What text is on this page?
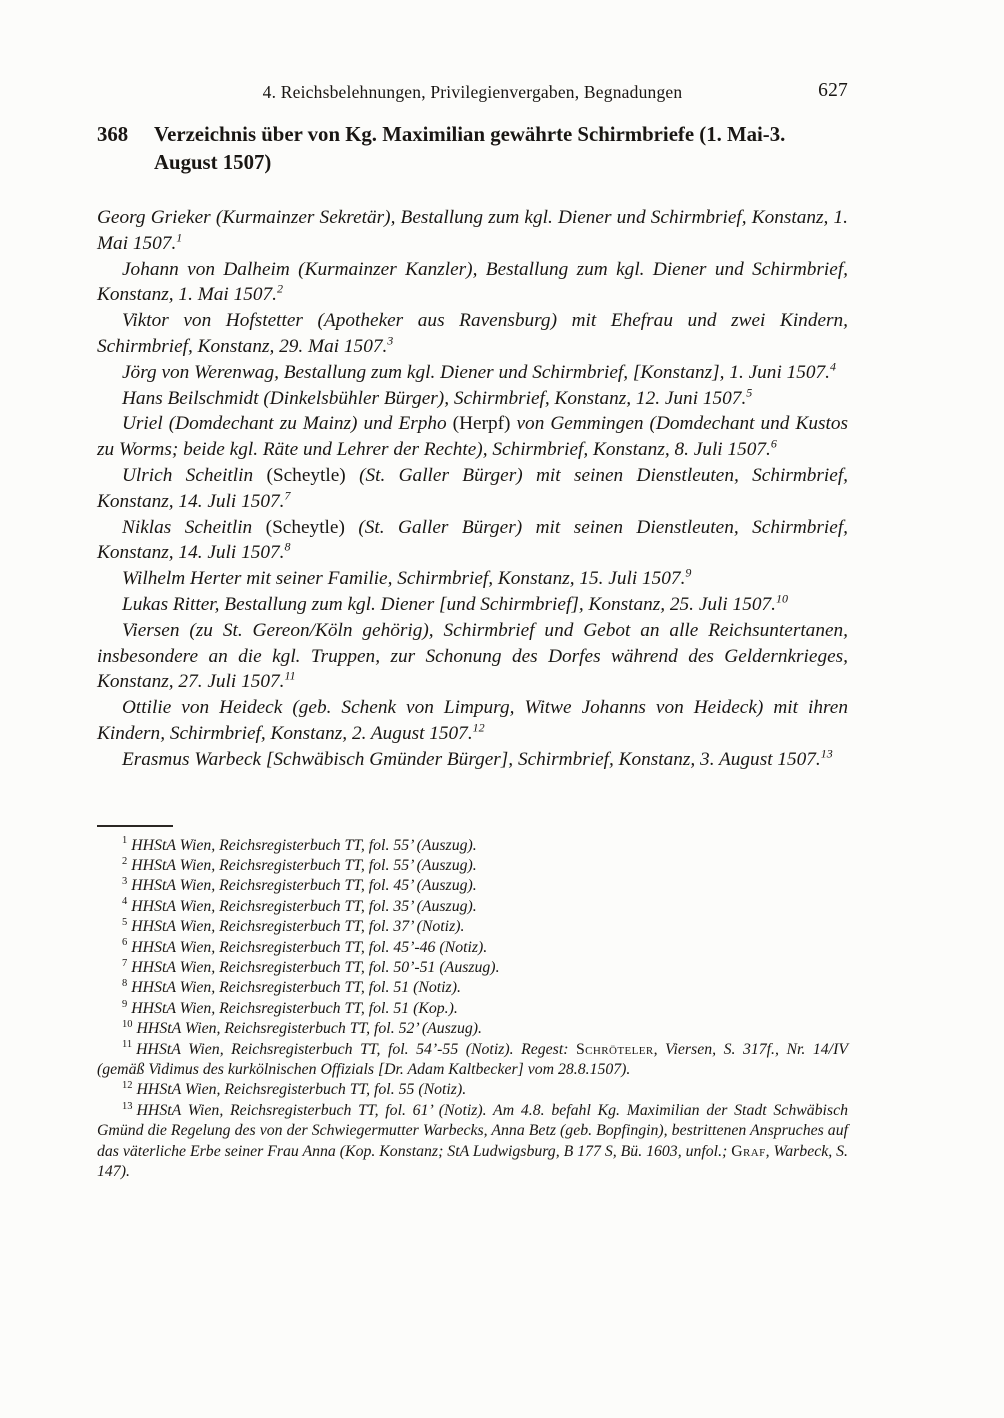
4. Reichsbelehnungen, Privilegienvergaben, Begnadungen	627
368	Verzeichnis über von Kg. Maximilian gewährte Schirmbriefe (1. Mai-3. August 1507)

Georg Grieker (Kurmainzer Sekretär), Bestallung zum kgl. Diener und Schirmbrief, Konstanz, 1. Mai 1507.$^1$

Johann von Dalheim (Kurmainzer Kanzler), Bestallung zum kgl. Diener und Schirmbrief, Konstanz, 1. Mai 1507.$^2$

Viktor von Hofstetter (Apotheker aus Ravensburg) mit Ehefrau und zwei Kindern, Schirmbrief, Konstanz, 29. Mai 1507.$^3$

Jörg von Werenwag, Bestallung zum kgl. Diener und Schirmbrief, [Konstanz], 1. Juni 1507.$^4$

Hans Beilschmidt (Dinkelsbühler Bürger), Schirmbrief, Konstanz, 12. Juni 1507.$^5$

Uriel (Domdechant zu Mainz) und Erpho (Herpf) von Gemmingen (Domdechant und Kustos zu Worms; beide kgl. Räte und Lehrer der Rechte), Schirmbrief, Konstanz, 8. Juli 1507.$^6$

Ulrich Scheitlin (Scheytle) (St. Galler Bürger) mit seinen Dienstleuten, Schirmbrief, Konstanz, 14. Juli 1507.$^7$

Niklas Scheitlin (Scheytle) (St. Galler Bürger) mit seinen Dienstleuten, Schirmbrief, Konstanz, 14. Juli 1507.$^8$

Wilhelm Herter mit seiner Familie, Schirmbrief, Konstanz, 15. Juli 1507.$^9$

Lukas Ritter, Bestallung zum kgl. Diener [und Schirmbrief], Konstanz, 25. Juli 1507.10

Viersen (zu St. Gereon/Köln gehörig), Schirmbrief und Gebot an alle Reichsuntertanen, insbesondere an die kgl. Truppen, zur Schonung des Dorfes während des Geldernkrieges, Konstanz, 27. Juli 1507.11

Ottilie von Heideck (geb. Schenk von Limpurg, Witwe Johanns von Heideck) mit ihren Kindern, Schirmbrief, Konstanz, 2. August 1507.12

Erasmus Warbeck [Schwäbisch Gmünder Bürger], Schirmbrief, Konstanz, 3. August 1507.13

$^1$ HHStA Wien, Reichsregisterbuch TT, fol. 55’ (Auszug).

$^2$ HHStA Wien, Reichsregisterbuch TT, fol. 55’ (Auszug).

$^3$ HHStA Wien, Reichsregisterbuch TT, fol. 45’ (Auszug).

$^4$ HHStA Wien, Reichsregisterbuch TT, fol. 35’ (Auszug).

$^5$ HHStA Wien, Reichsregisterbuch TT, fol. 37’ (Notiz).

$^6$ HHStA Wien, Reichsregisterbuch TT, fol. 45’-46 (Notiz).

$^7$ HHStA Wien, Reichsregisterbuch TT, fol. 50’-51 (Auszug).

$^8$ HHStA Wien, Reichsregisterbuch TT, fol. 51 (Notiz).

$^9$ HHStA Wien, Reichsregisterbuch TT, fol. 51 (Kop.).

$^{10}$ HHStA Wien, Reichsregisterbuch TT, fol. 52’ (Auszug).

$^{11}$ HHStA Wien, Reichsregisterbuch TT, fol. 54’-55 (Notiz). Regest: Schröteler, Viersen, S. 317f., Nr. 14/IV (gemäß Vidimus des kurkölnischen Offizials [Dr. Adam Kaltbecker] vom 28.8.1507).

$^{12}$ HHStA Wien, Reichsregisterbuch TT, fol. 55 (Notiz).

$^{13}$ HHStA Wien, Reichsregisterbuch TT, fol. 61’ (Notiz). Am 4.8. befahl Kg. Maximilian der Stadt Schwäbisch Gmünd die Regelung des von der Schwiegermutter Warbecks, Anna Betz (geb. Bopfingin), bestrittenen Anspruches auf das väterliche Erbe seiner Frau Anna (Kop. Konstanz; StA Ludwigsburg, B 177 S, Bü. 1603, unfol.; Graf, Warbeck, S. 147).
